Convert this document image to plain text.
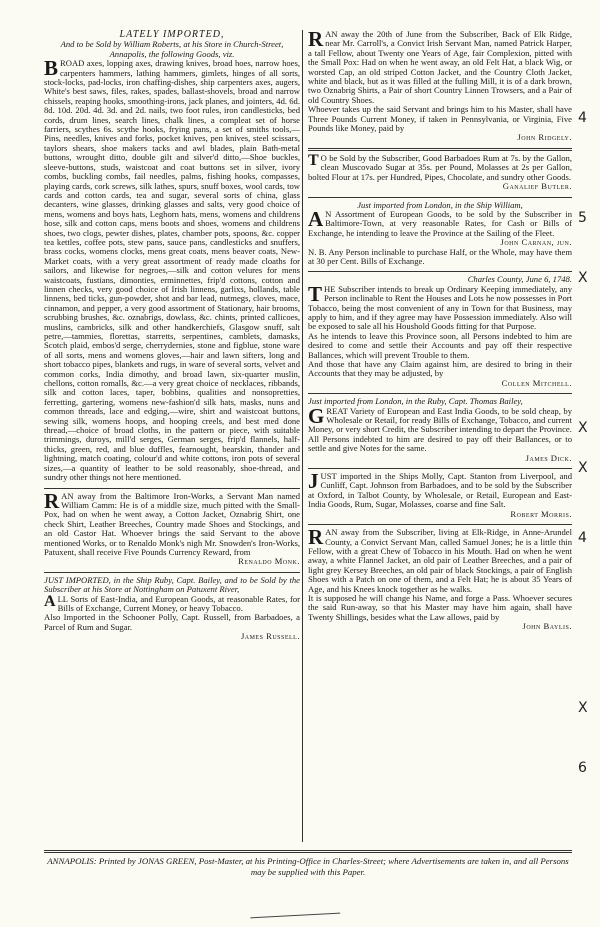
LATELY IMPORTED,
And to be Sold by William Roberts, at his Store in Church-Street, Annapolis, the following Goods, viz.

BROAD axes, lopping axes, drawing knives, broad hoes, narrow hoes, carpenters hammers, lathing hammers, gimlets, hinges of all sorts, stock-locks, pad-locks, iron chaffing-dishes, ship carpenters axes, augers, White's best saws, files, rakes, spades, ballast-shovels, broad and narrow chissels, reaping hooks, smoothing-irons, jack planes, and jointers, 4d. 6d. 8d. 10d. 20d. 4d. 3d. and 2d. nails, two foot rules, iron candlesticks, bed cords, drum lines, search lines, chalk lines, a compleat set of horse farriers, scythes 6s. scythe hooks, frying pans, a set of smiths tools,—Pins, needles, knives and forks, pocket knives, pen knives, steel scissars, taylors shears, shoe makers tacks and awl blades, plain Bath-metal buttons, wrought ditto, double gilt and silver'd ditto,—Shoe buckles, sleeve-buttons, studs, waistcoat and coat buttons set in silver, ivory combs, buckling combs, fail needles, palms, fishing hooks, compasses, playing cards, cork screws, silk lathes, spurs, snuff boxes, wool cards, tow cards and cotton cards, tea and sugar, several sorts of china, glass decanters, wine glasses, drinking glasses and salts, very good choice of mens, womens and boys hats, Leghorn hats, mens, womens and childrens hose, silk and cotton caps, mens boots and shoes, womens and childrens shoes, two clogs, pewter dishes, plates, chamber pots, spoons, &c. copper tea kettles, coffee pots, stew pans, sauce pans, candlesticks and snuffers, brass cocks, womens clocks, mens great coats, mens beaver coats, New-Market coats, with a very great assortment of ready made cloaths for sailors, and likewise for negroes,—silk and cotton velures for mens waistcoats, fustians, dimonties, erminnettes, frip'd cottons, cotton and linnen checks, very good choice of Irish linnens, garlixs, hollands, table linnens, bed ticks, gun-powder, shot and bar lead, nutmegs, cloves, mace, cinnamon, and pepper, a very good assortment of Stationary, hair brooms, scrubbing brushes, &c. oznabrigs, dowlass, &c. chints, printed callicoes, muslins, cambricks, silk and other handkerchiefs, Glasgow snuff, salt petre,—tammies, florettas, starretts, serpentines, camblets, damasks, Scotch plaid, embos'd serge, cherrydernies, stone and figblue, stone ware of all sorts, mens and womens gloves,—hair and lawn sifters, long and short tobacco pipes, blankets and rugs, in ware of several sorts, velvet and common corks, India dimothy, and broad lawn, six-quarter muslin, chellons, cotton romalls, &c.—a very great choice of necklaces, ribbands, silk and cotton laces, taper, bobbins, qualities and nonsopretties, ferretting, gartering, womens new-fashion'd silk hats, masks, nuns and common threads, lace and edging,—wire, shirt and waistcoat buttons, sewing silk, womens hoops, and hooping creels, and best med done thread,—choice of broad cloths, in the pattern or piece, with suitable trimmings, duroys, mill'd serges, German serges, frip'd flannels, half-thicks, green, red, and blue duffles, fearnought, bearskin, thander and lightning, match coating, colour'd and white cottons, iron pots of several sizes,—a quantity of leather to be sold reasonably, shoe-thread, and sundry other things not here mentioned.

RAN away from the Baltimore Iron-Works, a Servant Man named William Camm: He is of a middle size, much pitted with the Small-Pox, had on when he went away, a Cotton Jacket, Oznabrig Shirt, one check Shirt, Leather Breeches, Country made Shoes and Stockings, and an old Castor Hat. Whoever brings the said Servant to the above mentioned Works, or to Renaldo Monk's nigh Mr. Snowden's Iron-Works, Patuxent, shall receive Five Pounds Currency Reward, from

Renaldo Monk.
JUST IMPORTED, in the Ship Ruby, Capt. Bailey, and to be Sold by the Subscriber at his Store at Nottingham on Patuxent River,

ALL Sorts of East-India, and European Goods, at reasonable Rates, for Bills of Exchange, Current Money, or heavy Tobacco.

Also Imported in the Schooner Polly, Capt. Russell, from Barbadoes, a Parcel of Rum and Sugar.

James Russell.

RAN away the 20th of June from the Subscriber, Back of Elk Ridge, near Mr. Carroll's, a Convict Irish Servant Man, named Patrick Harper, a tall Fellow, about Twenty one Years of Age, fair Complexion, pitted with the Small Pox: Had on when he went away, an old Felt Hat, a black Wig, or worsted Cap, an old striped Cotton Jacket, and the Country Cloth Jacket, white and black, but as it was filled at the fulling Mill, it is of a dark brown, two Oznabrig Shirts, a Pair of short Country Linnen Trowsers, and a Pair of old Country Shoes.

Whoever takes up the said Servant and brings him to his Master, shall have Three Pounds Current Money, if taken in Pennsylvania, or Virginia, Five Pounds like Money, paid by

John Ridgely.

T O be Sold by the Subscriber, Good Barbadoes Rum at 7s. by the Gallon, clean Muscovado Sugar at 35s. per Pound, Molasses at 2s per Gallon, bolted Flour at 17s. per Hundred, Pipes, Chocolate, and sundry other Goods.

Ganalief Butler.
Just imported from London, in the Ship William,

A N Assortment of European Goods, to be sold by the Subscriber in Baltimore-Town, at very reasonable Rates, for Cash or Bills of Exchange, he intending to leave the Province at the Sailing of the Fleet.

John Carnan, jun.

N. B. Any Person inclinable to purchase Half, or the Whole, may have them at 30 per Cent. Bills of Exchange.

Charles County, June 6, 1748.

THE Subscriber intends to break up Ordinary Keeping immediately, any Person inclinable to Rent the Houses and Lots he now possesses in Port Tobacco, being the most convenient of any in Town for that Business, may apply to him, and if they agree may have Possession immediately. Also will be exposed to sale all his Houshold Goods fitting for that Purpose.

As he intends to leave this Province soon, all Persons indebted to him are desired to come and settle their Accounts and pay off their respective Ballances, which will prevent Trouble to them.

And those that have any Claim against him, are desired to bring in their Accounts that they may be adjusted, by

Collen Mitchell.
Just imported from London, in the Ruby, Capt. Thomas Bailey,

GREAT Variety of European and East India Goods, to be sold cheap, by Wholesale or Retail, for ready Bills of Exchange, Tobacco, and current Money, or very short Credit, the Subscriber intending to depart the Province.

All Persons indebted to him are desired to pay off their Ballances, or to settle and give Notes for the same.

James Dick.

JUST imported in the Ships Molly, Capt. Stanton from Liverpool, and Cunliff, Capt. Johnson from Barbadoes, and to be sold by the Subscriber at Oxford, in Talbot County, by Wholesale, or Retail, European and East-India Goods, Rum, Sugar, Molasses, coarse and fine Salt.

Robert Morris.

RAN away from the Subscriber, living at Elk-Ridge, in Anne-Arundel County, a Convict Servant Man, called Samuel Jones; he is a little thin Fellow, with a great Chew of Tobacco in his Mouth. Had on when he went away, a white Flannel Jacket, an old pair of Leather Breeches, and a pair of light grey Kersey Breeches, an old pair of black Stockings, a pair of English Shoes with a Patch on one of them, and a Felt Hat; he is about 35 Years of Age, and his Knees knock together as he walks.

It is supposed he will change his Name, and forge a Pass. Whoever secures the said Run-away, so that his Master may have him again, shall have Twenty Shillings, besides what the Law allows, paid by

John Baylis.
ANNAPOLIS: Printed by JONAS GREEN, Post-Master, at his Printing-Office in Charles-Street; where Advertisements are taken in, and all Persons may be supplied with this Paper.
4
5
X
X
X
4
X
6
